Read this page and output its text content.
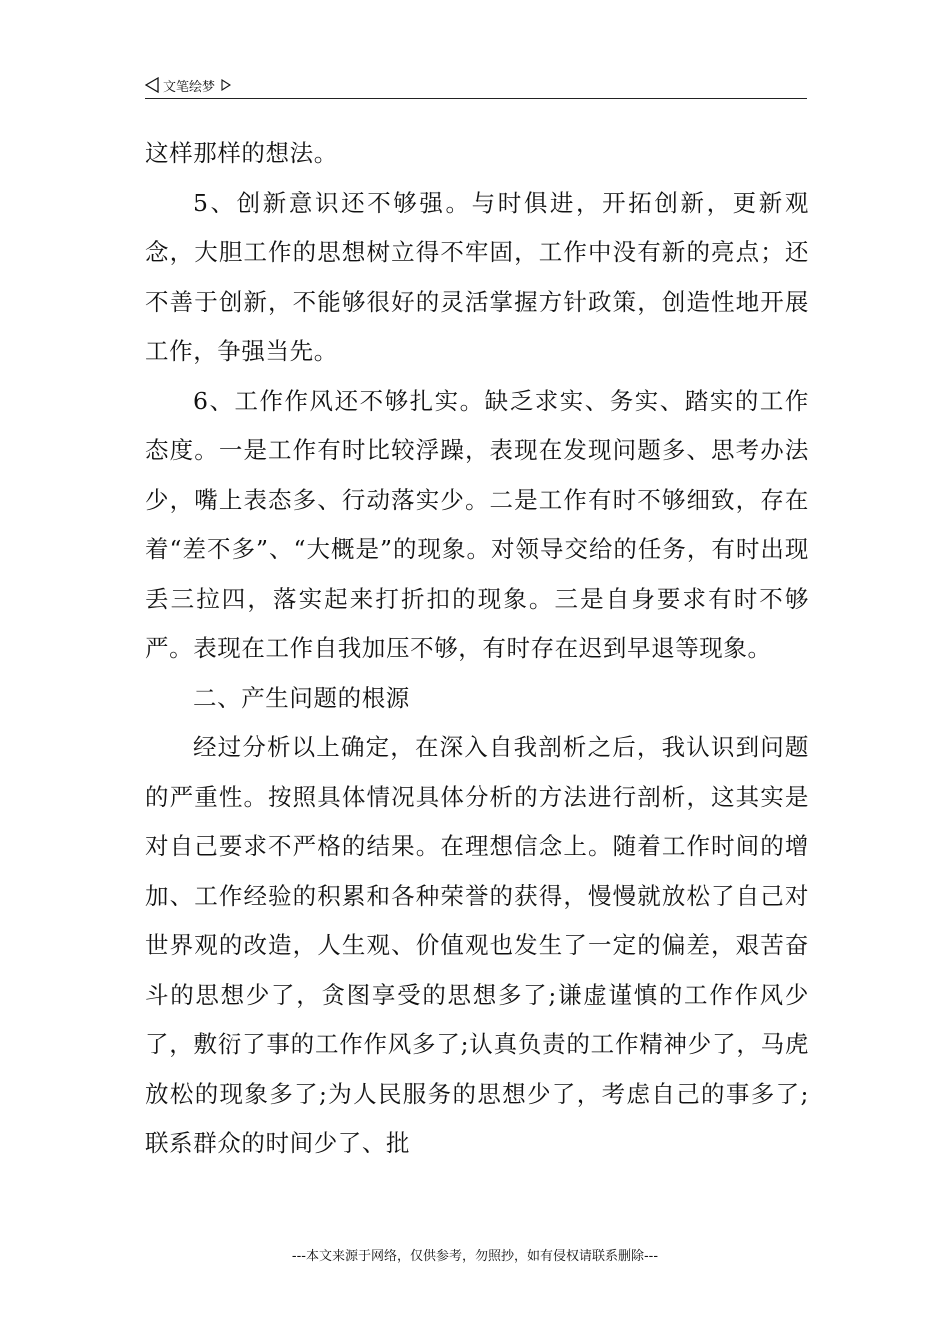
文笔绘梦

这样那样的想法。

5、创新意识还不够强。与时俱进，开拓创新，更新观念，大胆工作的思想树立得不牢固，工作中没有新的亮点；还不善于创新，不能够很好的灵活掌握方针政策，创造性地开展工作，争强当先。

6、工作作风还不够扎实。缺乏求实、务实、踏实的工作态度。一是工作有时比较浮躁，表现在发现问题多、思考办法少，嘴上表态多、行动落实少。二是工作有时不够细致，存在着“差不多”、“大概是”的现象。对领导交给的任务，有时出现丢三拉四，落实起来打折扣的现象。三是自身要求有时不够严。表现在工作自我加压不够，有时存在迟到早退等现象。

二、产生问题的根源

经过分析以上确定，在深入自我剖析之后，我认识到问题的严重性。按照具体情况具体分析的方法进行剖析，这其实是对自己要求不严格的结果。在理想信念上。随着工作时间的增加、工作经验的积累和各种荣誉的获得，慢慢就放松了自己对世界观的改造，人生观、价值观也发生了一定的偏差，艰苦奋斗的思想少了，贪图享受的思想多了;谦虚谨慎的工作作风少了，敷衍了事的工作作风多了;认真负责的工作精神少了，马虎放松的现象多了;为人民服务的思想少了，考虑自己的事多了;联系群众的时间少了、批

---本文来源于网络，仅供参考，勿照抄，如有侵权请联系删除---
